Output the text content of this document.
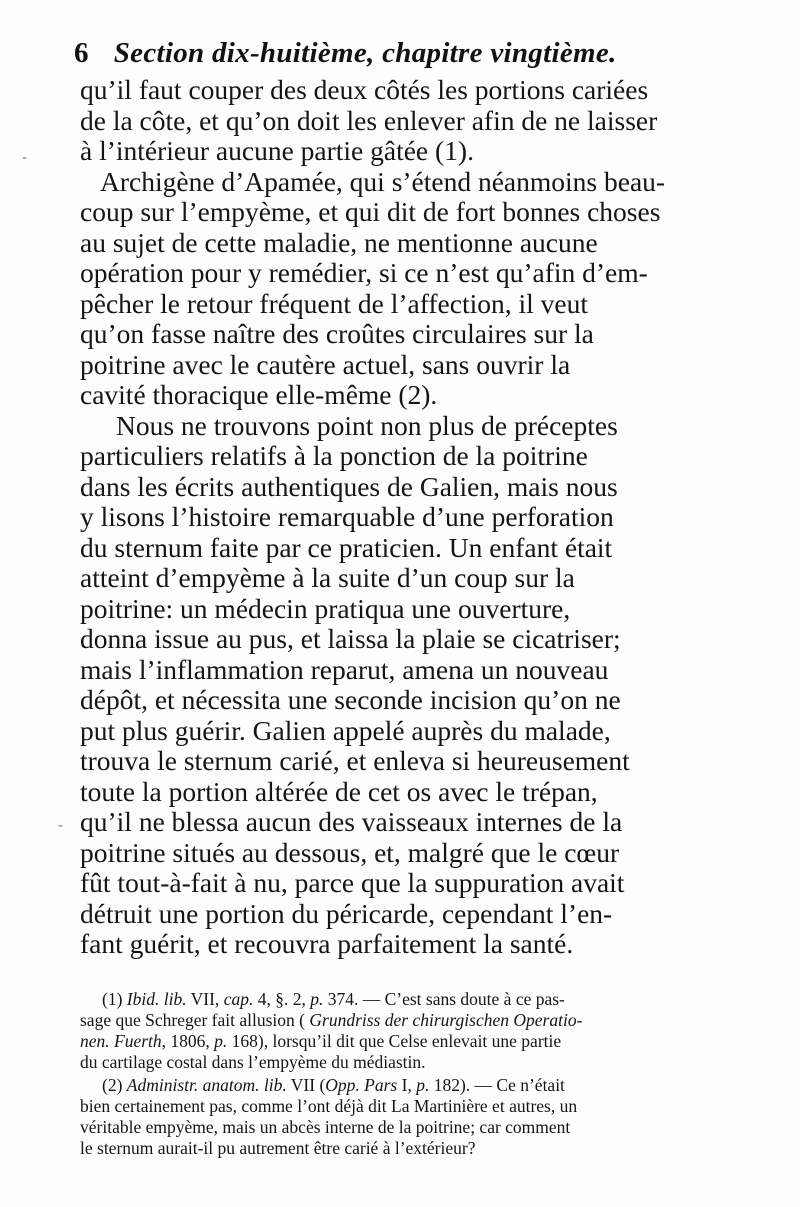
6 Section dix-huitième, chapitre vingtième.
qu’il faut couper des deux côtés les portions cariées
de la côte, et qu’on doit les enlever afin de ne laisser
à l’intérieur aucune partie gâtée (1).
Archigène d’Apamée, qui s’étend néanmoins beau-
coup sur l’empyème, et qui dit de fort bonnes choses
au sujet de cette maladie, ne mentionne aucune
opération pour y remédier, si ce n’est qu’afin d’em-
pêcher le retour fréquent de l’affection, il veut
qu’on fasse naître des croûtes circulaires sur la
poitrine avec le cautère actuel, sans ouvrir la
cavité thoracique elle-même (2).
Nous ne trouvons point non plus de préceptes
particuliers relatifs à la ponction de la poitrine
dans les écrits authentiques de Galien, mais nous
y lisons l’histoire remarquable d’une perforation
du sternum faite par ce praticien. Un enfant était
atteint d’empyème à la suite d’un coup sur la
poitrine: un médecin pratiqua une ouverture,
donna issue au pus, et laissa la plaie se cicatriser;
mais l’inflammation reparut, amena un nouveau
dépôt, et nécessita une seconde incision qu’on ne
put plus guérir. Galien appelé auprès du malade,
trouva le sternum carié, et enleva si heureusement
toute la portion altérée de cet os avec le trépan,
qu’il ne blessa aucun des vaisseaux internes de la
poitrine situés au dessous, et, malgré que le cœur
fût tout-à-fait à nu, parce que la suppuration avait
détruit une portion du péricarde, cependant l’en-
fant guérit, et recouvra parfaitement la santé.
(1) Ibid. lib. VII, cap. 4, §. 2, p. 374. — C’est sans doute à ce pas-
sage que Schreger fait allusion ( Grundriss der chirurgischen Operatio-
nen. Fuerth, 1806, p. 168), lorsqu’il dit que Celse enlevait une partie
du cartilage costal dans l’empyème du médiastin.
(2) Administr. anatom. lib. VII (Opp. Pars I, p. 182). — Ce n’était
bien certainement pas, comme l’ont déjà dit La Martinière et autres, un
véritable empyème, mais un abcès interne de la poitrine; car comment
le sternum aurait-il pu autrement être carié à l’extérieur?
-
-
